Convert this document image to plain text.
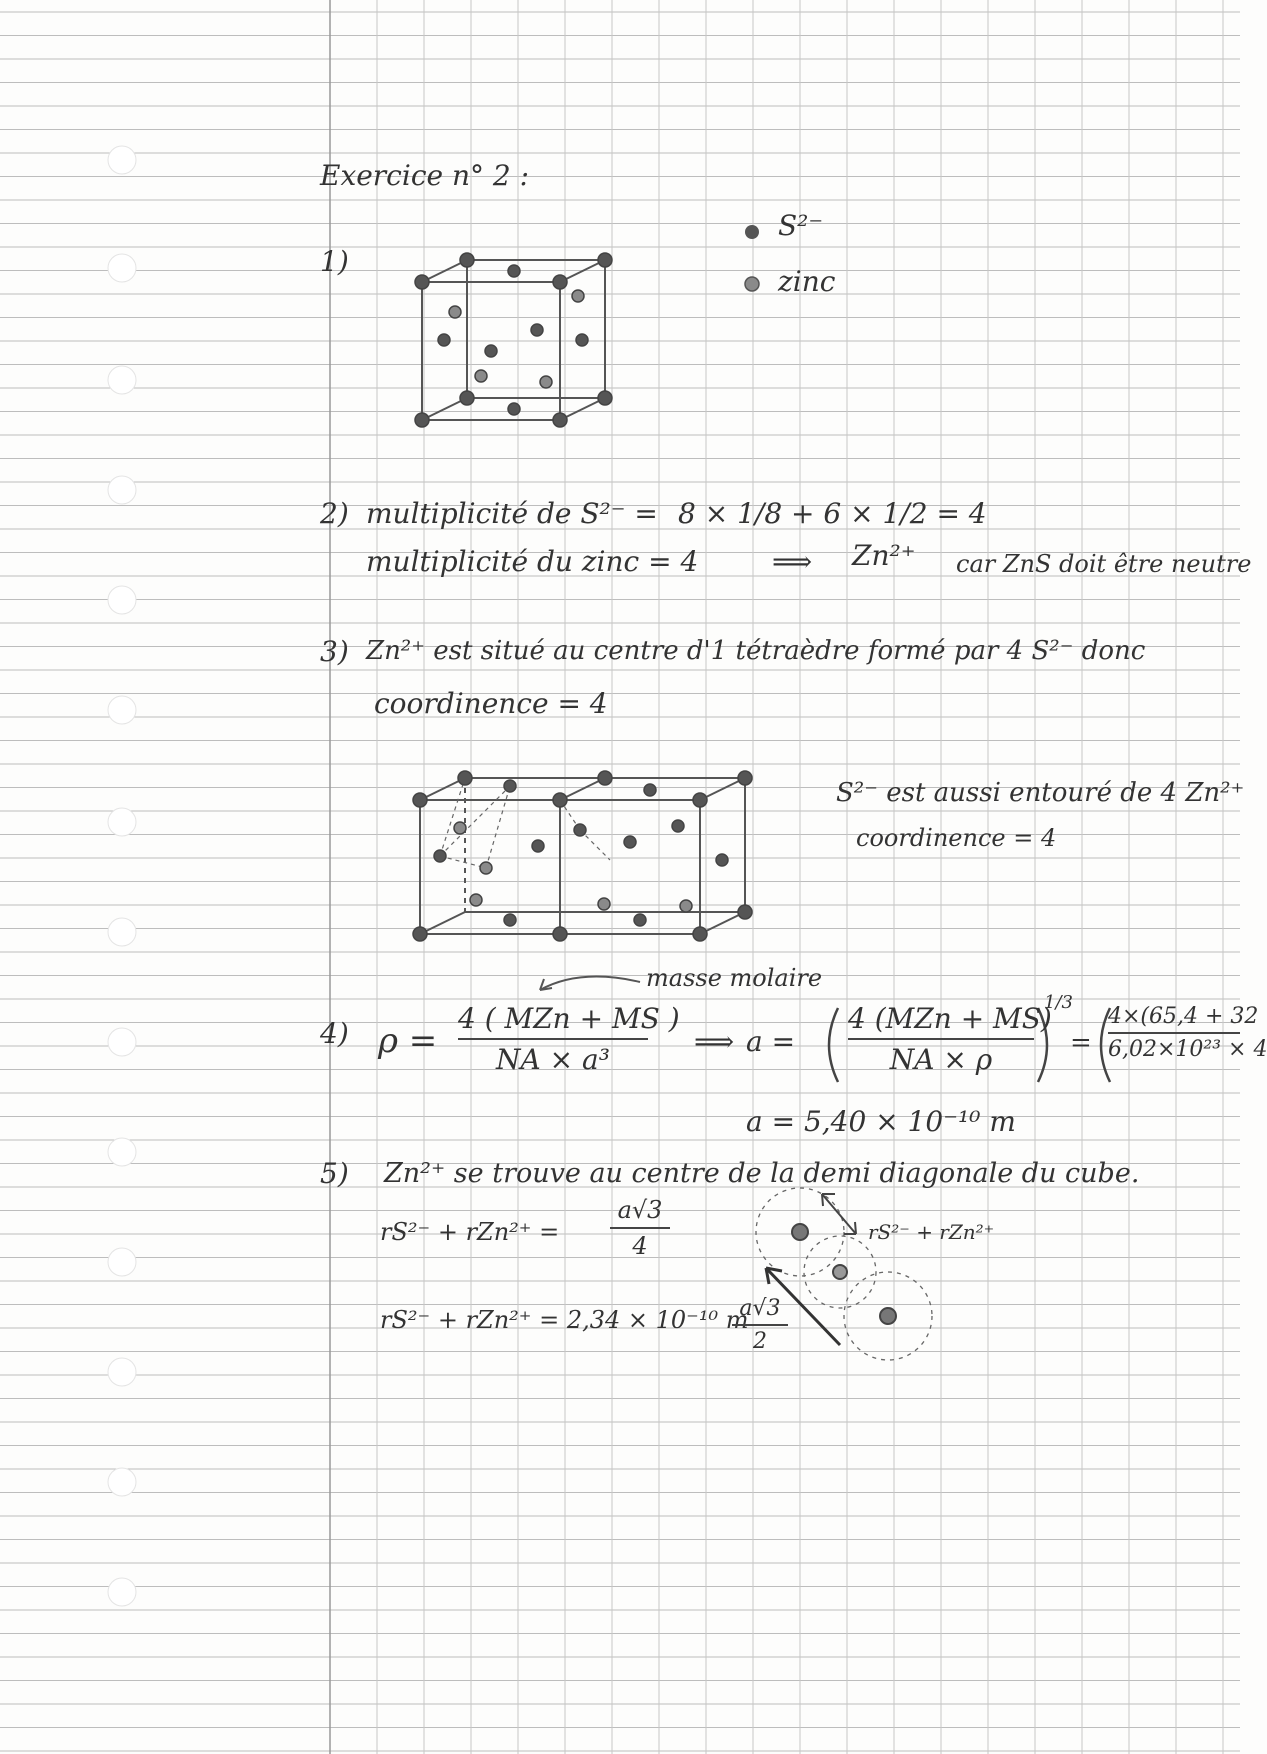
Exercice n° 2 :
1)
S²⁻
zinc
2) multiplicité de S²⁻ = 8 × 1/8 + 6 × 1/2 = 4
multiplicité du zinc = 4	⟹ Zn²⁺ car ZnS doit être neutre
3) Zn²⁺ est situé au centre d'1 tétraèdre formé par 4 S²⁻ donc
coordinence = 4
S²⁻ est aussi entouré de 4 Zn²⁺
coordinence = 4
4)
masse molaire
ρ =
4 ( MZn + MS )
NA × a³
⟹ a =
4 (MZn + MS)
NA × ρ
1/3
=
4×(65,4 + 32
6,02×10²³ × 4
a = 5,40 × 10⁻¹⁰ m
5) Zn²⁺ se trouve au centre de la demi diagonale du cube.
rS²⁻ + rZn²⁺ =
a√3
4
rS²⁻ + rZn²⁺ = 2,34 × 10⁻¹⁰ m
a√3
2
rS²⁻ + rZn²⁺
